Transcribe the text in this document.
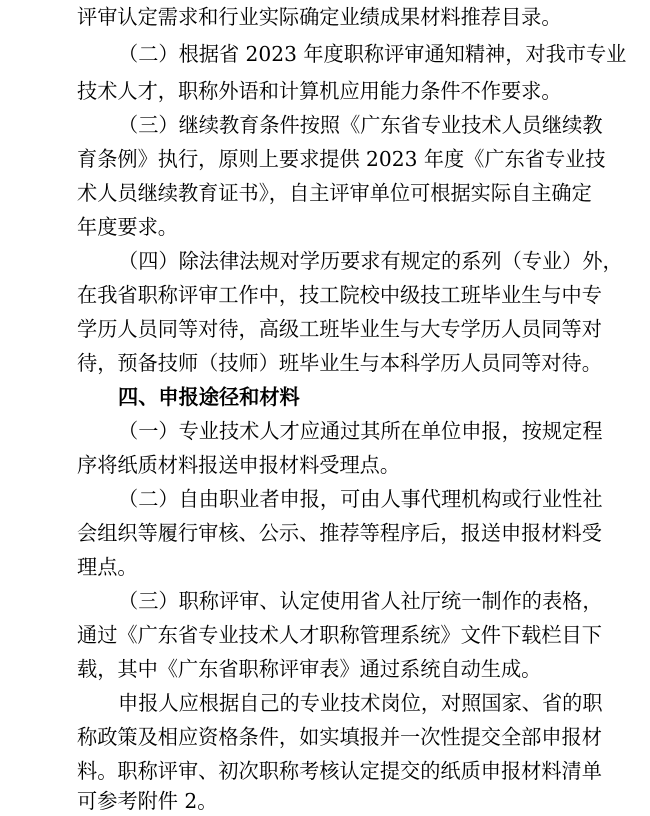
评审认定需求和行业实际确定业绩成果材料推荐目录。
（二）根据省 2023 年度职称评审通知精神，对我市专业
技术人才，职称外语和计算机应用能力条件不作要求。
（三）继续教育条件按照《广东省专业技术人员继续教
育条例》执行，原则上要求提供 2023 年度《广东省专业技
术人员继续教育证书》，自主评审单位可根据实际自主确定
年度要求。
（四）除法律法规对学历要求有规定的系列（专业）外，
在我省职称评审工作中，技工院校中级技工班毕业生与中专
学历人员同等对待，高级工班毕业生与大专学历人员同等对
待，预备技师（技师）班毕业生与本科学历人员同等对待。
四、申报途径和材料
（一）专业技术人才应通过其所在单位申报，按规定程
序将纸质材料报送申报材料受理点。
（二）自由职业者申报，可由人事代理机构或行业性社
会组织等履行审核、公示、推荐等程序后，报送申报材料受
理点。
（三）职称评审、认定使用省人社厅统一制作的表格，
通过《广东省专业技术人才职称管理系统》文件下载栏目下
载，其中《广东省职称评审表》通过系统自动生成。
申报人应根据自己的专业技术岗位，对照国家、省的职
称政策及相应资格条件，如实填报并一次性提交全部申报材
料。职称评审、初次职称考核认定提交的纸质申报材料清单
可参考附件 2。
